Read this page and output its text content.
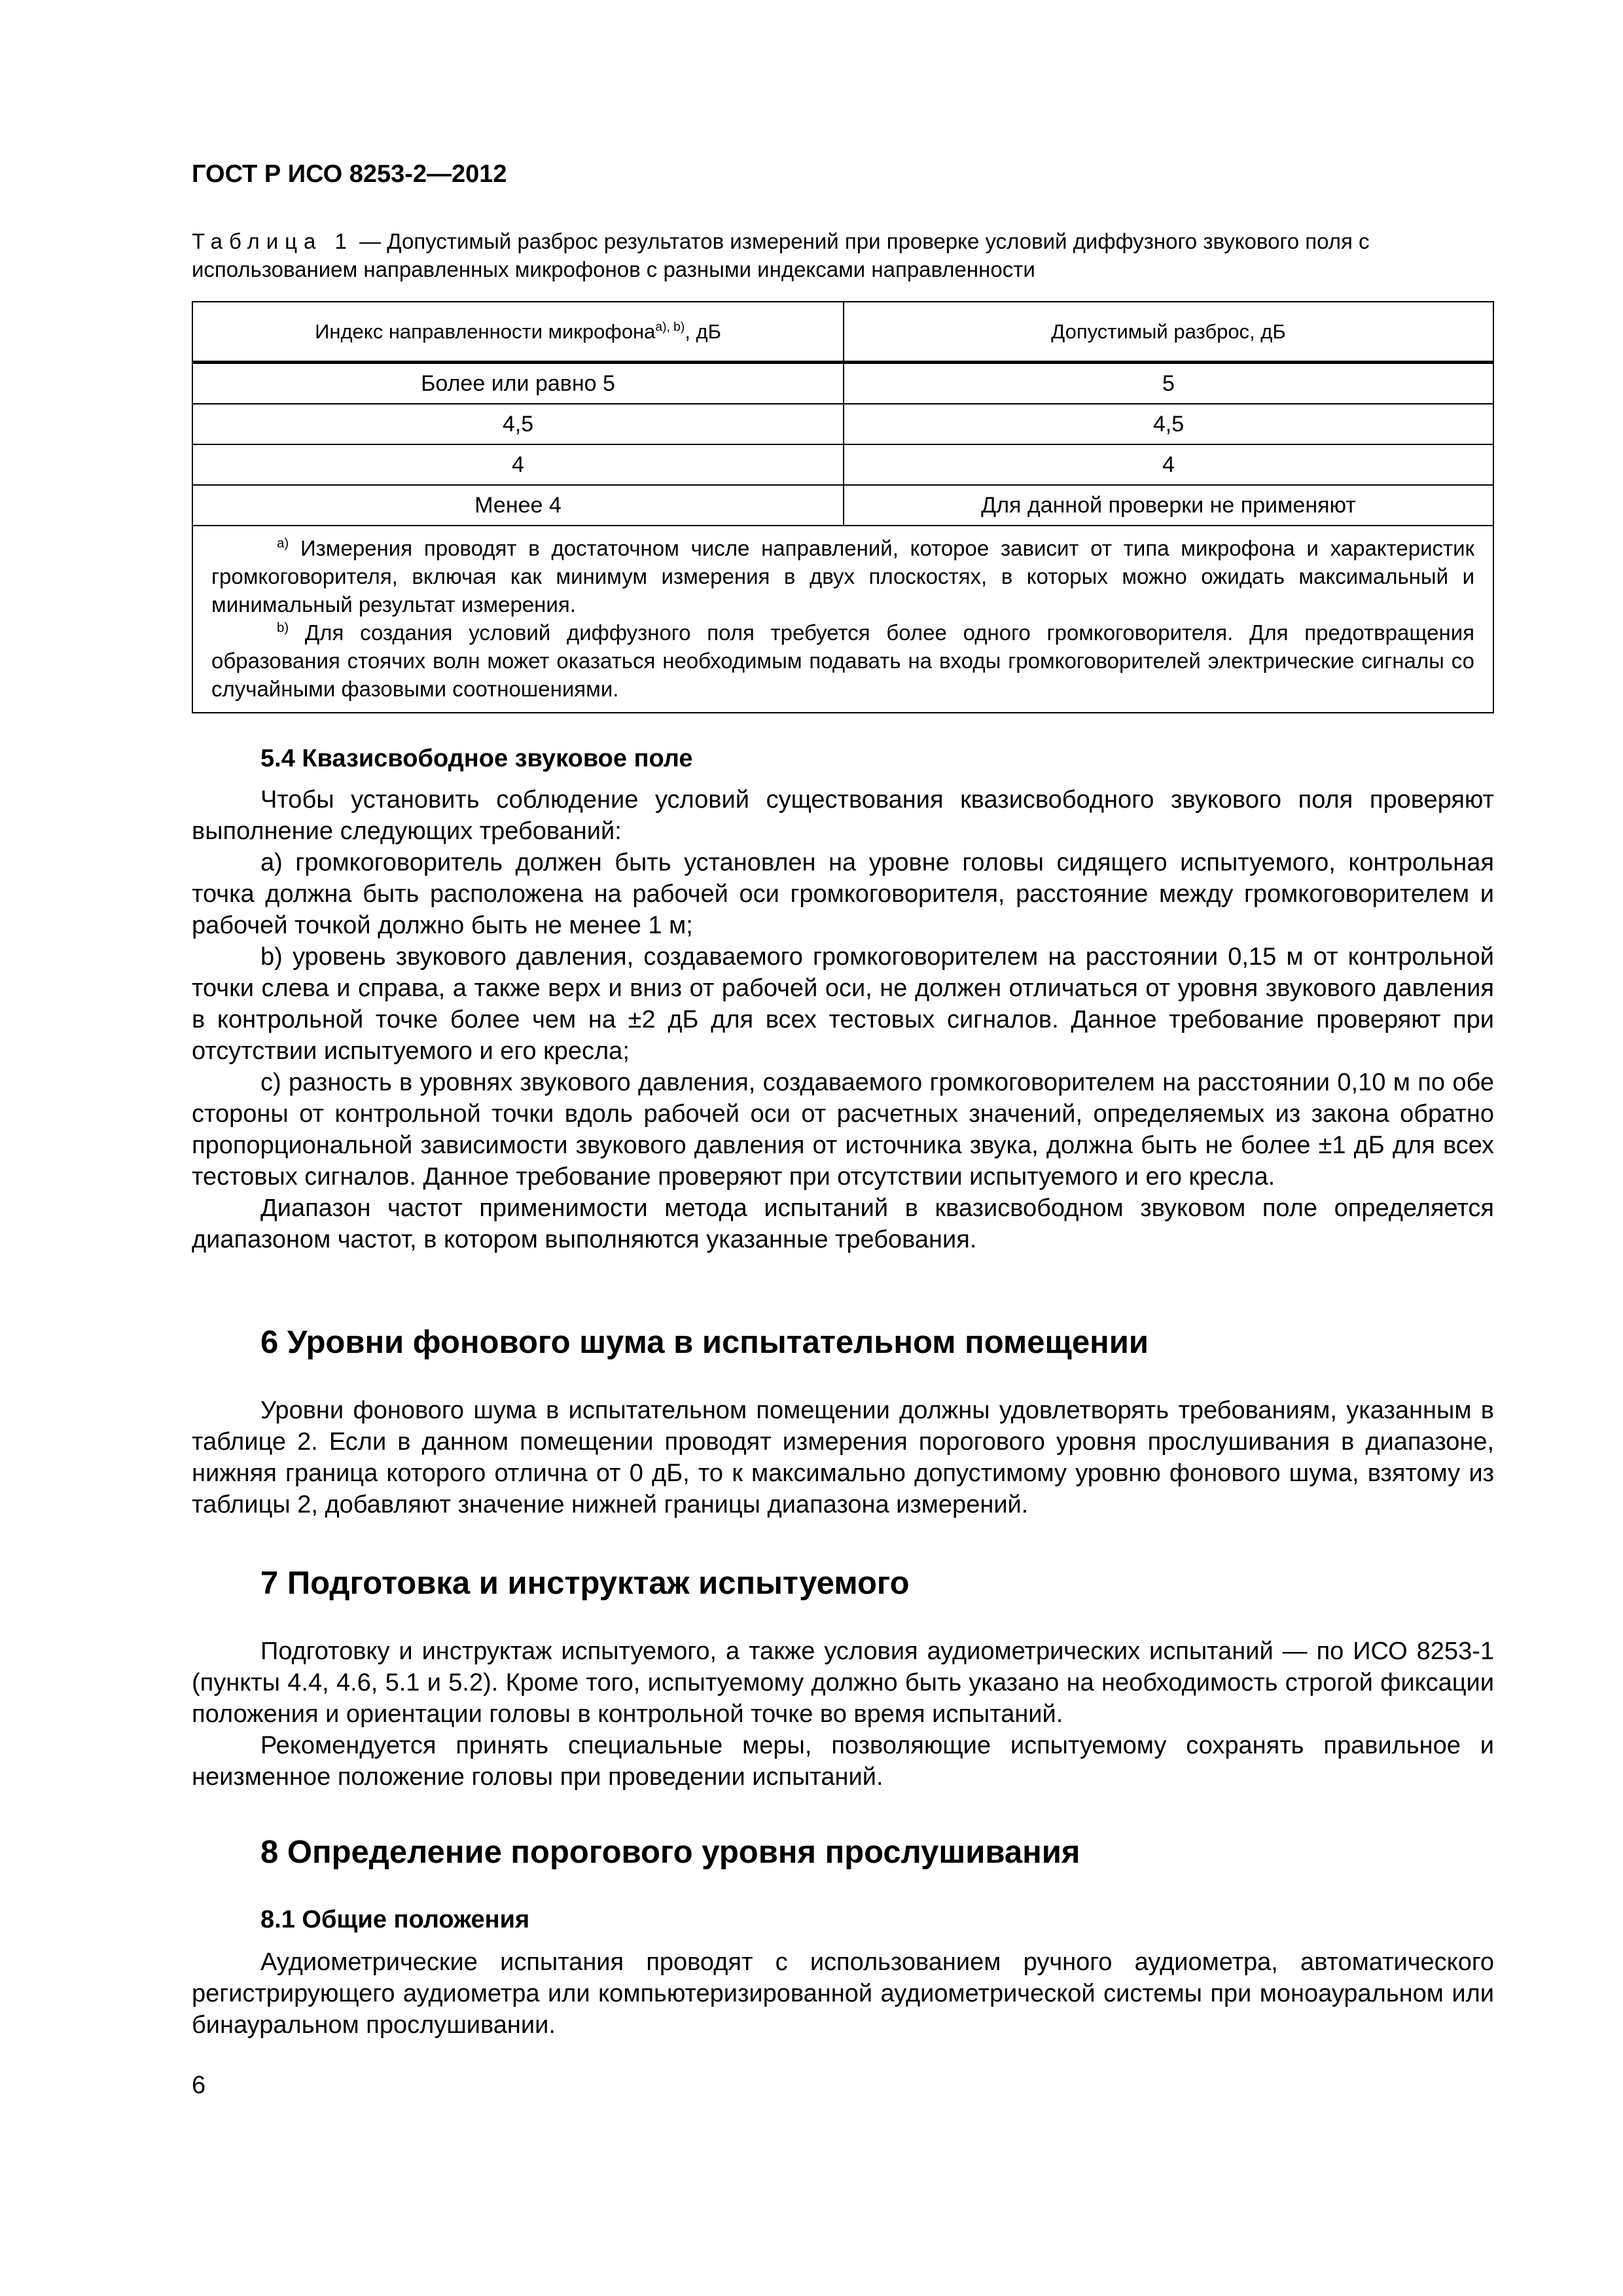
ГОСТ Р ИСО 8253-2—2012
Таблица 1 — Допустимый разброс результатов измерений при проверке условий диффузного звукового поля с использованием направленных микрофонов с разными индексами направленности
Индекс направленности микрофона$^{a), b)}$, дБ	Допустимый разброс, дБ
Более или равно 5	5
4,5	4,5
4	4
Менее 4	Для данной проверки не применяют

$^{a)}$ Измерения проводят в достаточном числе направлений, которое зависит от типа микрофона и характеристик громкоговорителя, включая как минимум измерения в двух плоскостях, в которых можно ожидать максимальный и минимальный результат измерения.

$^{b)}$ Для создания условий диффузного поля требуется более одного громкоговорителя. Для предотвращения образования стоячих волн может оказаться необходимым подавать на входы громкоговорителей электрические сигналы со случайными фазовыми соотношениями.	

5.4 Квазисвободное звуковое поле

Чтобы установить соблюдение условий существования квазисвободного звукового поля проверяют выполнение следующих требований:

a) громкоговоритель должен быть установлен на уровне головы сидящего испытуемого, контрольная точка должна быть расположена на рабочей оси громкоговорителя, расстояние между громкоговорителем и рабочей точкой должно быть не менее 1 м;

b) уровень звукового давления, создаваемого громкоговорителем на расстоянии 0,15 м от контрольной точки слева и справа, а также верх и вниз от рабочей оси, не должен отличаться от уровня звукового давления в контрольной точке более чем на ±2 дБ для всех тестовых сигналов. Данное требование проверяют при отсутствии испытуемого и его кресла;

c) разность в уровнях звукового давления, создаваемого громкоговорителем на расстоянии 0,10 м по обе стороны от контрольной точки вдоль рабочей оси от расчетных значений, определяемых из закона обратно пропорциональной зависимости звукового давления от источника звука, должна быть не более ±1 дБ для всех тестовых сигналов. Данное требование проверяют при отсутствии испытуемого и его кресла.

Диапазон частот применимости метода испытаний в квазисвободном звуковом поле определяется диапазоном частот, в котором выполняются указанные требования.

6 Уровни фонового шума в испытательном помещении

Уровни фонового шума в испытательном помещении должны удовлетворять требованиям, указанным в таблице 2. Если в данном помещении проводят измерения порогового уровня прослушивания в диапазоне, нижняя граница которого отлична от 0 дБ, то к максимально допустимому уровню фонового шума, взятому из таблицы 2, добавляют значение нижней границы диапазона измерений.

7 Подготовка и инструктаж испытуемого

Подготовку и инструктаж испытуемого, а также условия аудиометрических испытаний — по ИСО 8253-1 (пункты 4.4, 4.6, 5.1 и 5.2). Кроме того, испытуемому должно быть указано на необходимость строгой фиксации положения и ориентации головы в контрольной точке во время испытаний.

Рекомендуется принять специальные меры, позволяющие испытуемому сохранять правильное и неизменное положение головы при проведении испытаний.

8 Определение порогового уровня прослушивания
8.1 Общие положения

Аудиометрические испытания проводят с использованием ручного аудиометра, автоматического регистрирующего аудиометра или компьютеризированной аудиометрической системы при моноауральном или бинауральном прослушивании.

6
